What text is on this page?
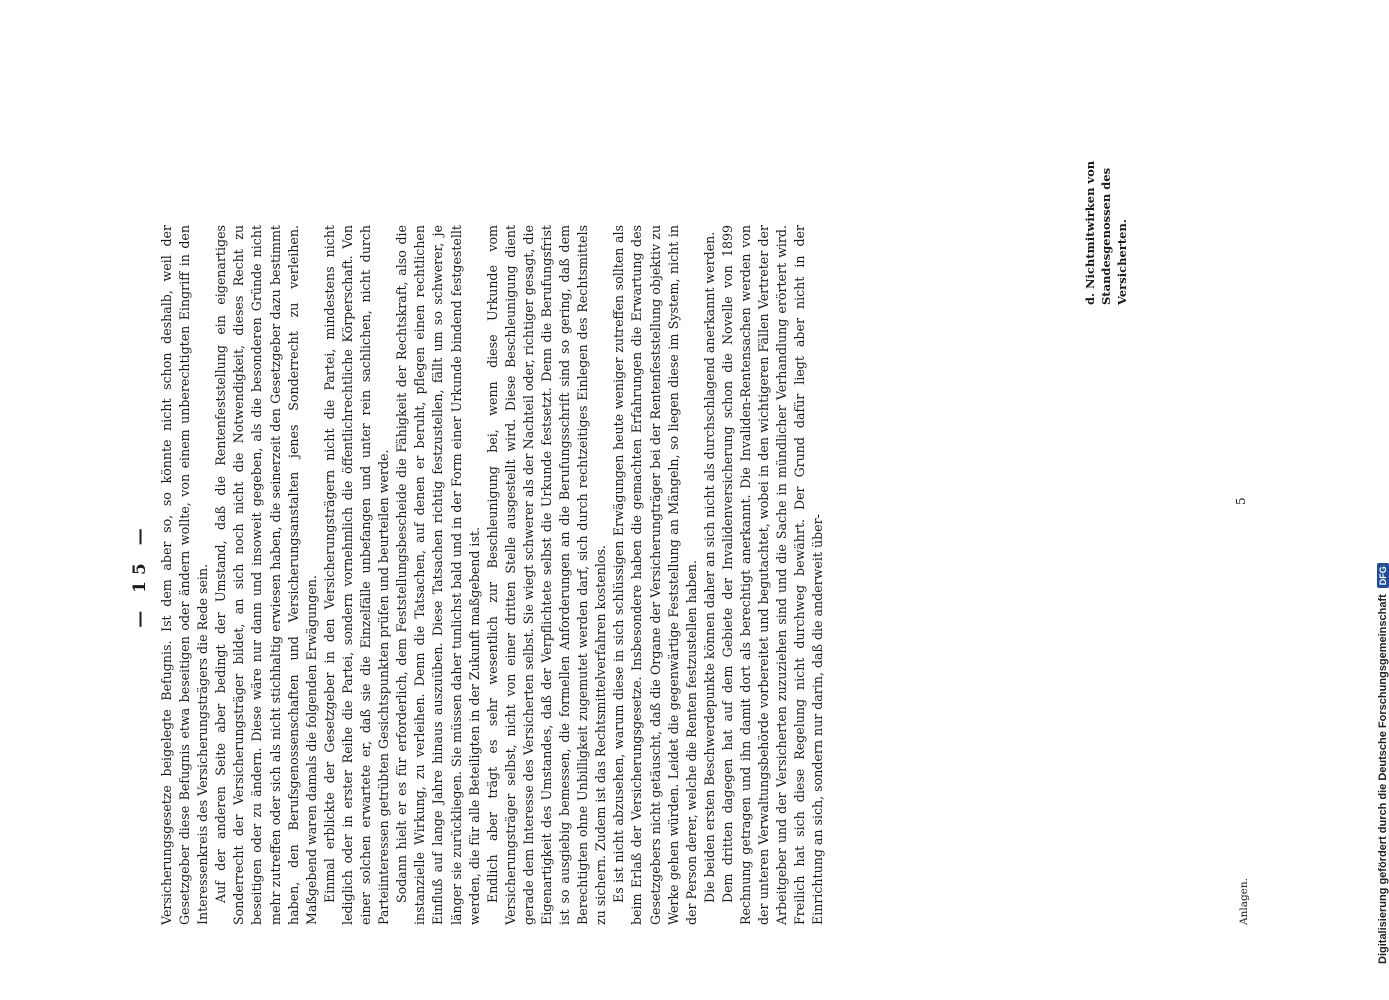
— 15 — Versicherungsgesetze beigelegte Befugnis. Ist dem aber so, so könnte nicht schon deshalb, weil der Gesetzgeber diese Befugnis etwa beseitigen oder ändern wollte, von einem unberechtigten Eingriff in den Interessenkreis des Versicherungsträgers die Rede sein. Auf der anderen Seite aber bedingt der Umstand, daß die Rentenfeststellung ein eigenartiges Sonderrecht der Versicherungsträger bildet, an sich noch nicht die Notwendigkeit, dieses Recht zu beseitigen oder zu ändern. Diese wäre nur dann und insoweit gegeben, als die besonderen Gründe nicht mehr zutreffen oder sich als nicht stichhaltig erwiesen haben, die seinerzeit den Gesetzgeber dazu bestimmt haben, den Berufsgenossenschaften und Versicherungsanstalten jenes Sonderrecht zu verleihen. Maßgebend waren damals die folgenden Erwägungen. Einmal erblickte der Gesetzgeber in den Versicherungsträgern nicht die Partei, mindestens nicht lediglich oder in erster Reihe die Partei, sondern vornehmlich die öffentlichrechtliche Körperschaft. Von einer solchen erwartete er, daß sie die Einzelfälle unbefangen und unter rein sachlichen, nicht durch Parteiinteressen getrübten Gesichtspunkten prüfen und beurteilen werde. Sodann hielt er es für erforderlich, dem Feststellungsbescheide die Fähigkeit der Rechtskraft, also die instanzielle Wirkung, zu verleihen. Denn die Tatsachen, auf denen er beruht, pflegen einen rechtlichen Einfluß auf lange Jahre hinaus auszuüben. Diese Tatsachen richtig festzustellen, fällt um so schwerer, je länger sie zurückliegen. Sie müssen daher tunlichst bald und in der Form einer Urkunde bindend festgestellt werden, die für alle Beteiligten in der Zukunft maßgebend ist. Endlich aber trägt es sehr wesentlich zur Beschleunigung bei, wenn diese Urkunde vom Versicherungsträger selbst, nicht von einer dritten Stelle ausgestellt wird. Diese Beschleunigung dient gerade dem Interesse des Versicherten selbst. Sie wiegt schwerer als der Nachteil oder, richtiger gesagt, die Eigenartigkeit des Umstandes, daß der Verpflichtete selbst die Urkunde festsetzt. Denn die Berufungsfrist ist so ausgiebig bemessen, die formellen Anforderungen an die Berufungsschrift sind so gering, daß dem Berechtigten ohne Unbilligkeit zugemutet werden darf, sich durch rechtzeitiges Einlegen des Rechtsmittels zu sichern. Zudem ist das Rechtsmittelverfahren kostenlos. Es ist nicht abzusehen, warum diese in sich schlüssigen Erwägungen heute weniger zutreffen sollten als beim Erlaß der Versicherungsgesetze. Insbesondere haben die gemachten Erfahrungen die Erwartung des Gesetzgebers nicht getäuscht, daß die Organe der Versicherungträger bei der Rentenfeststellung objektiv zu Werke gehen würden. Leidet die gegenwärtige Feststellung an Mängeln, so liegen diese im System, nicht in der Person derer, welche die Renten festzustellen haben. Die beiden ersten Beschwerdepunkte können daher an sich nicht als durchschlagend anerkannt werden. Dem dritten dagegen hat auf dem Gebiete der Invalidenversicherung schon die Novelle von 1899 Rechnung getragen und ihn damit dort als berechtigt anerkannt. Die Invaliden-Rentensachen werden von der unteren Verwaltungsbehörde vorbereitet und begutachtet, wobei in den wichtigeren Fällen Vertreter der Arbeitgeber und der Versicherten zuzuziehen sind und die Sache in mündlicher Verhandlung erörtert wird. Freilich hat sich diese Regelung nicht durchweg bewährt. Der Grund dafür liegt aber nicht in der Einrichtung an sich, sondern nur darin, daß die anderweit über-

d. Nichtmitwirken von Standesgenossen des Versicherten.
Anlagen.
5
Digitalisierung gefördert durch die Deutsche ForschungsgemeinschaftDFG
